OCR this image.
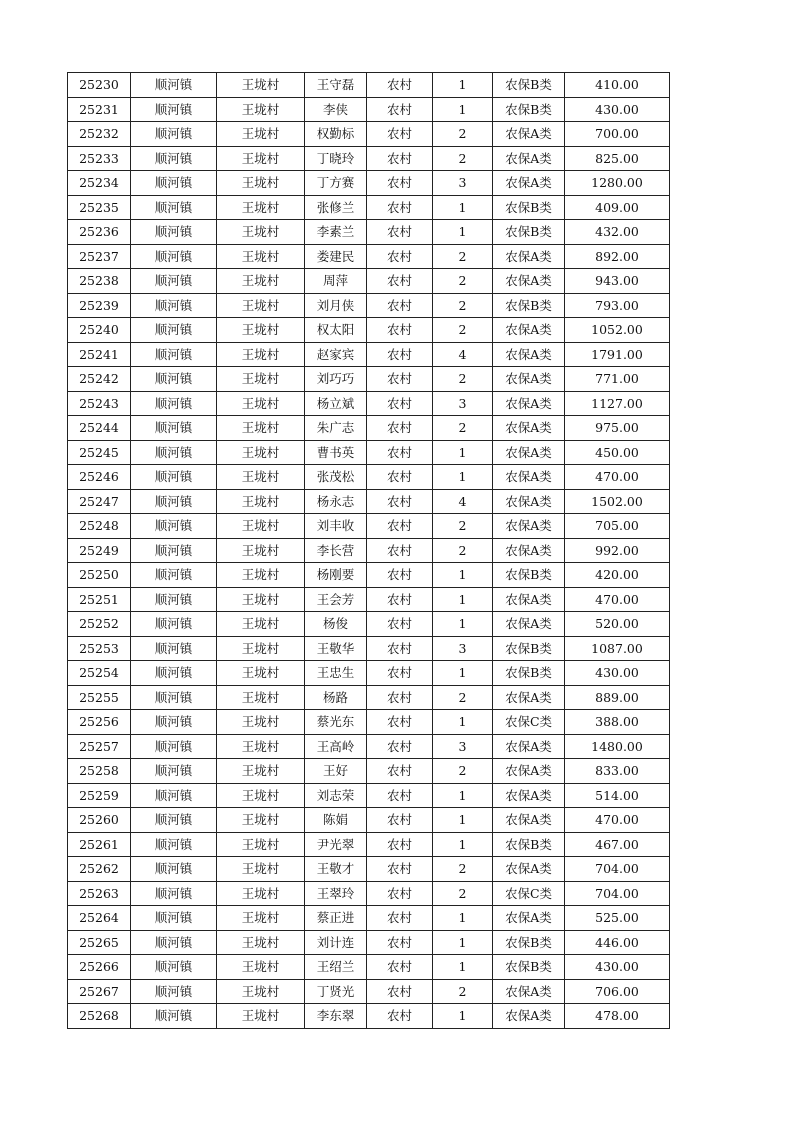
25230	顺河镇	王垅村	王守磊	农村	1	农保B类	410.00
25231	顺河镇	王垅村	李侠	农村	1	农保B类	430.00
25232	顺河镇	王垅村	权勤标	农村	2	农保A类	700.00
25233	顺河镇	王垅村	丁晓玲	农村	2	农保A类	825.00
25234	顺河镇	王垅村	丁方赛	农村	3	农保A类	1280.00
25235	顺河镇	王垅村	张修兰	农村	1	农保B类	409.00
25236	顺河镇	王垅村	李素兰	农村	1	农保B类	432.00
25237	顺河镇	王垅村	娄建民	农村	2	农保A类	892.00
25238	顺河镇	王垅村	周萍	农村	2	农保A类	943.00
25239	顺河镇	王垅村	刘月侠	农村	2	农保B类	793.00
25240	顺河镇	王垅村	权太阳	农村	2	农保A类	1052.00
25241	顺河镇	王垅村	赵家宾	农村	4	农保A类	1791.00
25242	顺河镇	王垅村	刘巧巧	农村	2	农保A类	771.00
25243	顺河镇	王垅村	杨立斌	农村	3	农保A类	1127.00
25244	顺河镇	王垅村	朱广志	农村	2	农保A类	975.00
25245	顺河镇	王垅村	曹书英	农村	1	农保A类	450.00
25246	顺河镇	王垅村	张茂松	农村	1	农保A类	470.00
25247	顺河镇	王垅村	杨永志	农村	4	农保A类	1502.00
25248	顺河镇	王垅村	刘丰收	农村	2	农保A类	705.00
25249	顺河镇	王垅村	李长营	农村	2	农保A类	992.00
25250	顺河镇	王垅村	杨刚要	农村	1	农保B类	420.00
25251	顺河镇	王垅村	王会芳	农村	1	农保A类	470.00
25252	顺河镇	王垅村	杨俊	农村	1	农保A类	520.00
25253	顺河镇	王垅村	王敬华	农村	3	农保B类	1087.00
25254	顺河镇	王垅村	王忠生	农村	1	农保B类	430.00
25255	顺河镇	王垅村	杨路	农村	2	农保A类	889.00
25256	顺河镇	王垅村	蔡光东	农村	1	农保C类	388.00
25257	顺河镇	王垅村	王高岭	农村	3	农保A类	1480.00
25258	顺河镇	王垅村	王好	农村	2	农保A类	833.00
25259	顺河镇	王垅村	刘志荣	农村	1	农保A类	514.00
25260	顺河镇	王垅村	陈娟	农村	1	农保A类	470.00
25261	顺河镇	王垅村	尹光翠	农村	1	农保B类	467.00
25262	顺河镇	王垅村	王敬才	农村	2	农保A类	704.00
25263	顺河镇	王垅村	王翠玲	农村	2	农保C类	704.00
25264	顺河镇	王垅村	蔡正进	农村	1	农保A类	525.00
25265	顺河镇	王垅村	刘计连	农村	1	农保B类	446.00
25266	顺河镇	王垅村	王绍兰	农村	1	农保B类	430.00
25267	顺河镇	王垅村	丁贤光	农村	2	农保A类	706.00
25268	顺河镇	王垅村	李东翠	农村	1	农保A类	478.00
